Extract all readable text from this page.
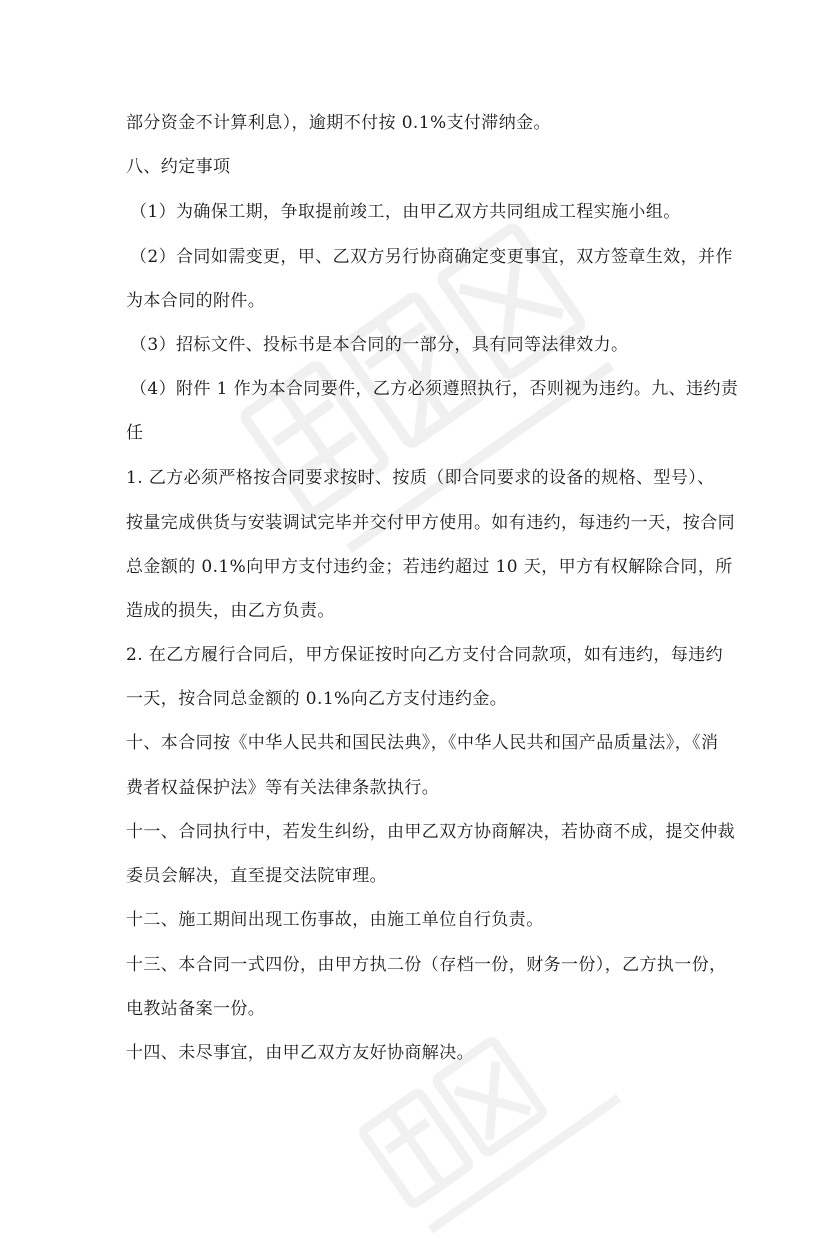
部分资金不计算利息），逾期不付按 0.1%支付滞纳金。
八、约定事项
（1）为确保工期，争取提前竣工，由甲乙双方共同组成工程实施小组。
（2）合同如需变更，甲、乙双方另行协商确定变更事宜，双方签章生效，并作
为本合同的附件。
（3）招标文件、投标书是本合同的一部分，具有同等法律效力。
（4）附件 1 作为本合同要件，乙方必须遵照执行，否则视为违约。九、违约责
任
1. 乙方必须严格按合同要求按时、按质（即合同要求的设备的规格、型号）、
按量完成供货与安装调试完毕并交付甲方使用。如有违约，每违约一天，按合同
总金额的 0.1%向甲方支付违约金；若违约超过 10 天，甲方有权解除合同，所
造成的损失，由乙方负责。
2. 在乙方履行合同后，甲方保证按时向乙方支付合同款项，如有违约，每违约
一天，按合同总金额的 0.1%向乙方支付违约金。
十、本合同按《中华人民共和国民法典》，《中华人民共和国产品质量法》，《消
费者权益保护法》等有关法律条款执行。
十一、合同执行中，若发生纠纷，由甲乙双方协商解决，若协商不成，提交仲裁
委员会解决，直至提交法院审理。
十二、施工期间出现工伤事故，由施工单位自行负责。
十三、本合同一式四份，由甲方执二份（存档一份，财务一份），乙方执一份，
电教站备案一份。
十四、未尽事宜，由甲乙双方友好协商解决。
